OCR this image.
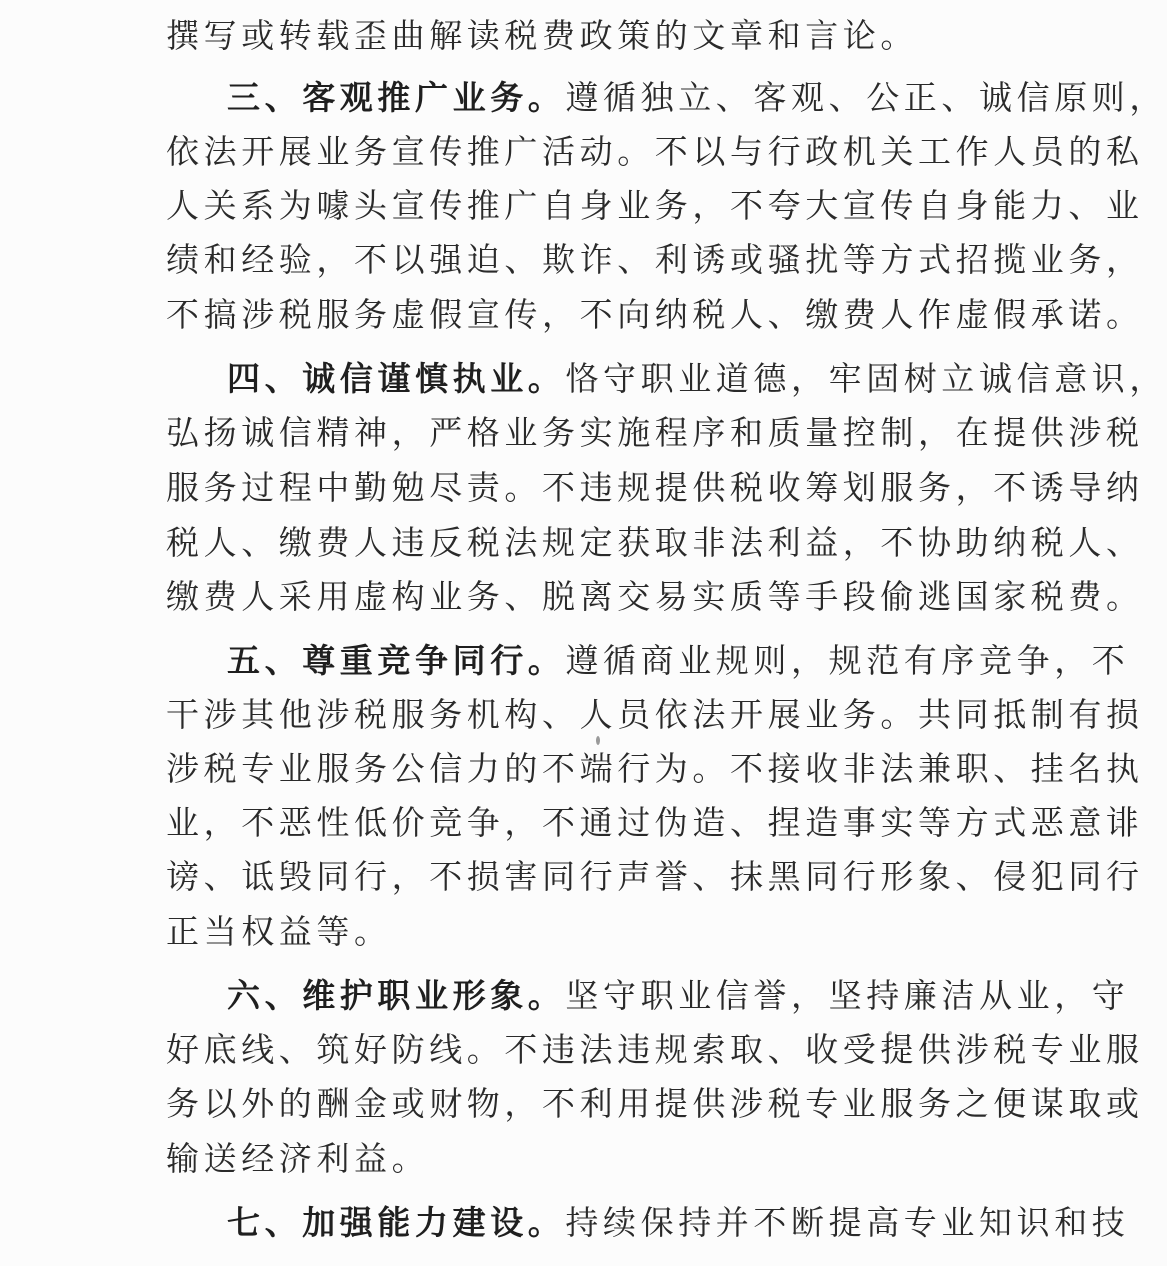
撰写或转载歪曲解读税费政策的文章和言论。
三、客观推广业务。遵循独立、客观、公正、诚信原则，
依法开展业务宣传推广活动。不以与行政机关工作人员的私
人关系为噱头宣传推广自身业务，不夸大宣传自身能力、业
绩和经验，不以强迫、欺诈、利诱或骚扰等方式招揽业务，
不搞涉税服务虚假宣传，不向纳税人、缴费人作虚假承诺。
四、诚信谨慎执业。恪守职业道德，牢固树立诚信意识，
弘扬诚信精神，严格业务实施程序和质量控制，在提供涉税
服务过程中勤勉尽责。不违规提供税收筹划服务，不诱导纳
税人、缴费人违反税法规定获取非法利益，不协助纳税人、
缴费人采用虚构业务、脱离交易实质等手段偷逃国家税费。
五、尊重竞争同行。遵循商业规则，规范有序竞争，不
干涉其他涉税服务机构、人员依法开展业务。共同抵制有损
涉税专业服务公信力的不端行为。不接收非法兼职、挂名执
业，不恶性低价竞争，不通过伪造、捏造事实等方式恶意诽
谤、诋毁同行，不损害同行声誉、抹黑同行形象、侵犯同行
正当权益等。
六、维护职业形象。坚守职业信誉，坚持廉洁从业，守
好底线、筑好防线。不违法违规索取、收受提供涉税专业服
务以外的酬金或财物，不利用提供涉税专业服务之便谋取或
输送经济利益。
七、加强能力建设。持续保持并不断提高专业知识和技
